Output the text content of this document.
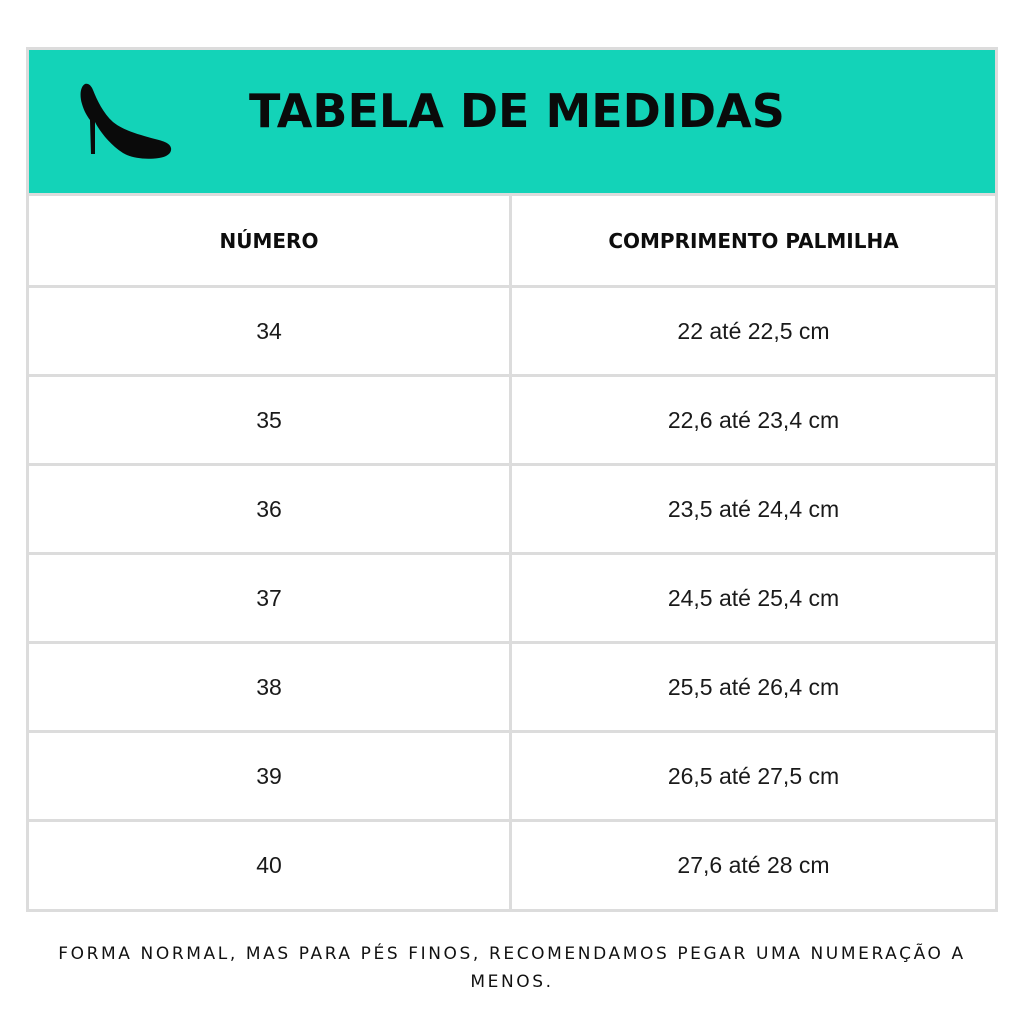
TABELA DE MEDIDAS
NÚMERO	COMPRIMENTO PALMILHA
34	22 até 22,5 cm
35	22,6 até 23,4 cm
36	23,5 até 24,4 cm
37	24,5 até 25,4 cm
38	25,5 até 26,4 cm
39	26,5 até 27,5 cm
40	27,6 até 28 cm
FORMA NORMAL, MAS PARA PÉS FINOS, RECOMENDAMOS PEGAR UMA NUMERAÇÃO A MENOS.
